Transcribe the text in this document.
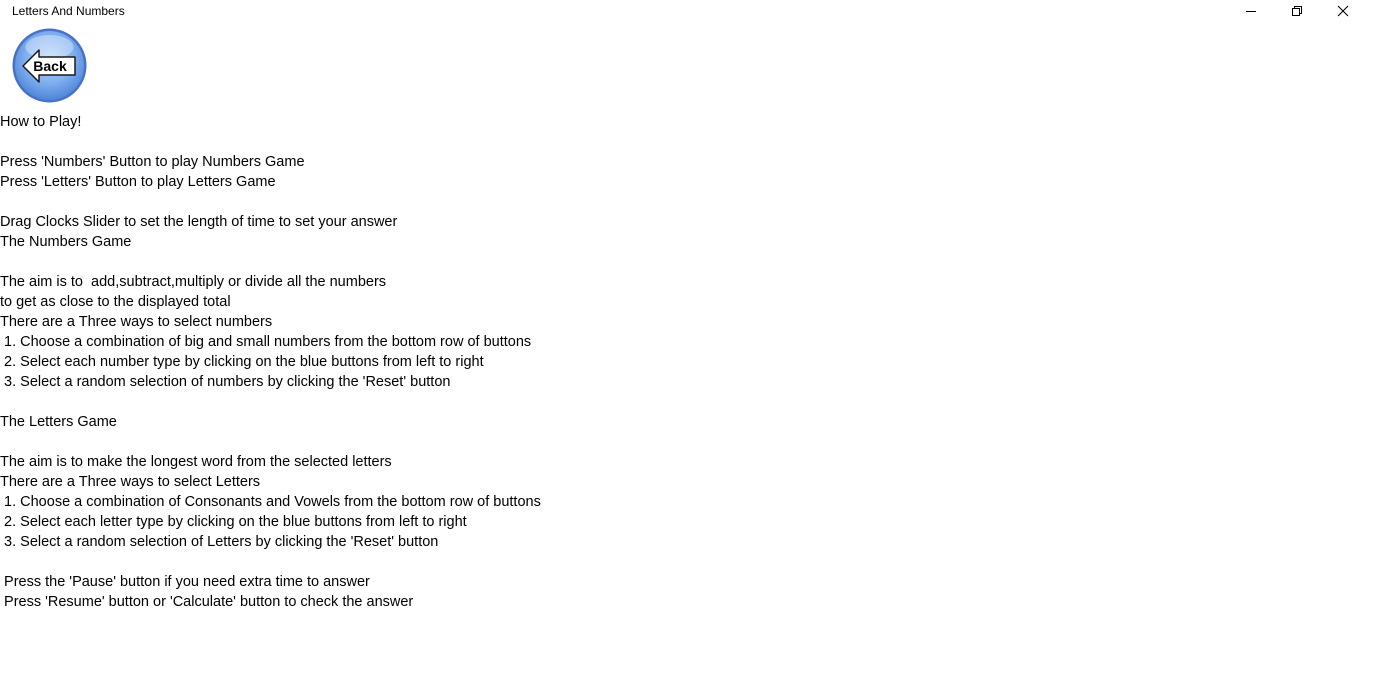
Letters And Numbers
Back
How to Play!
Press 'Numbers' Button to play Numbers Game
Press 'Letters' Button to play Letters Game
Drag Clocks Slider to set the length of time to set your answer
The Numbers Game
The aim is to  add,subtract,multiply or divide all the numbers
to get as close to the displayed total
There are a Three ways to select numbers
1. Choose a combination of big and small numbers from the bottom row of buttons
2. Select each number type by clicking on the blue buttons from left to right
3. Select a random selection of numbers by clicking the 'Reset' button
The Letters Game
The aim is to make the longest word from the selected letters
There are a Three ways to select Letters
1. Choose a combination of Consonants and Vowels from the bottom row of buttons
2. Select each letter type by clicking on the blue buttons from left to right
3. Select a random selection of Letters by clicking the 'Reset' button
Press the 'Pause' button if you need extra time to answer
Press 'Resume' button or 'Calculate' button to check the answer
